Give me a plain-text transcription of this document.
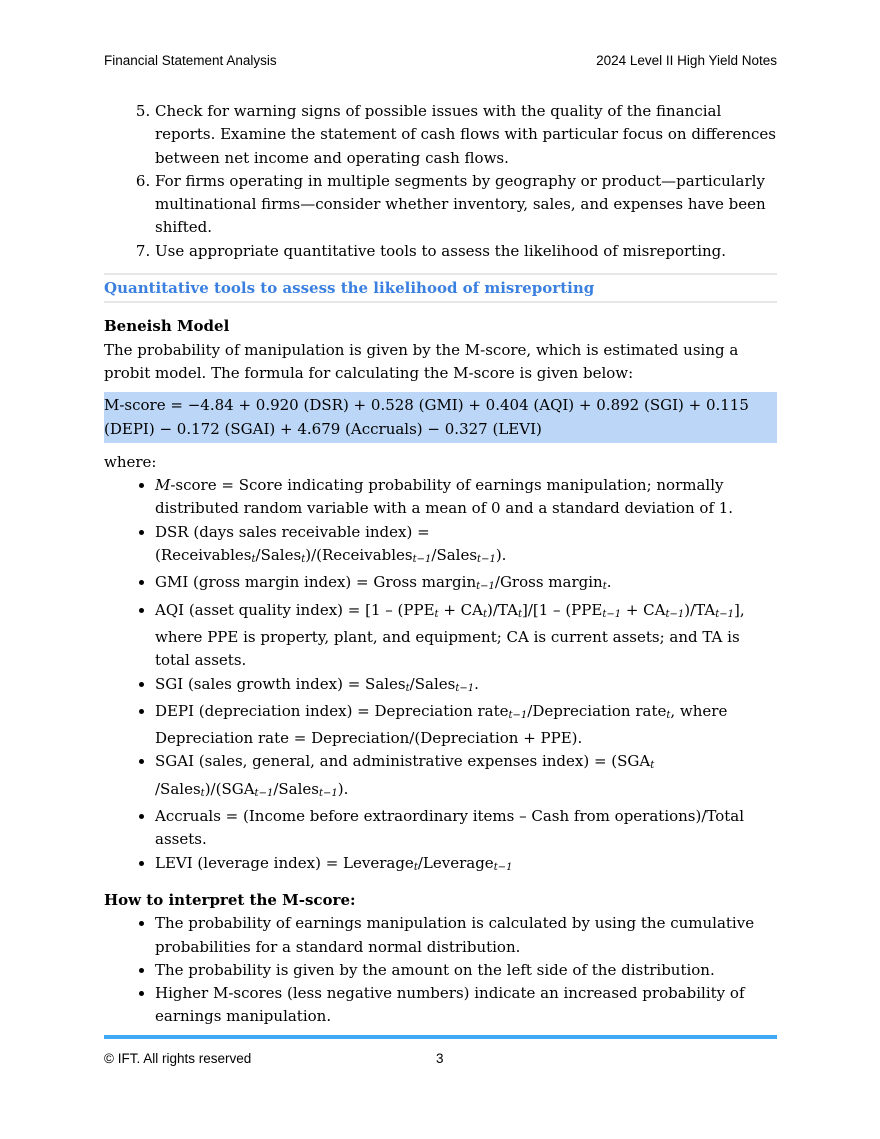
Financial Statement Analysis	2024 Level II High Yield Notes
5. Check for warning signs of possible issues with the quality of the financial reports. Examine the statement of cash flows with particular focus on differences between net income and operating cash flows.
6. For firms operating in multiple segments by geography or product—particularly multinational firms—consider whether inventory, sales, and expenses have been shifted.
7. Use appropriate quantitative tools to assess the likelihood of misreporting.
Quantitative tools to assess the likelihood of misreporting
Beneish Model
The probability of manipulation is given by the M-score, which is estimated using a probit model. The formula for calculating the M-score is given below:
M-score = −4.84 + 0.920 (DSR) + 0.528 (GMI) + 0.404 (AQI) + 0.892 (SGI) + 0.115 (DEPI) − 0.172 (SGAI) + 4.679 (Accruals) − 0.327 (LEVI)
where:
• M-score = Score indicating probability of earnings manipulation; normally distributed random variable with a mean of 0 and a standard deviation of 1.
• DSR (days sales receivable index) = (Receivables$_t$/Sales$_t$)/(Receivables$_{t-1}$/Sales$_{t-1}$).
• GMI (gross margin index) = Gross margin$_{t-1}$/Gross margin$_t$.
• AQI (asset quality index) = $[1 - (PPE_t + CA_t)/TA_t]/[1 - (PPE_{t-1} + CA_{t-1})/TA_{t-1}]$, where PPE is property, plant, and equipment; CA is current assets; and TA is total assets.
• SGI (sales growth index) = Sales$_t$/Sales$_{t-1}$.
• DEPI (depreciation index) = Depreciation rate$_{t-1}$/Depreciation rate$_t$, where Depreciation rate = Depreciation/(Depreciation + PPE).
• SGAI (sales, general, and administrative expenses index) = ($SGA_t$ $/Sales_t)/(SGA_{t-1}/Sales_{t-1})$.
• Accruals = (Income before extraordinary items – Cash from operations)/Total assets.
• LEVI (leverage index) = Leverage$_t$/Leverage$_{t-1}$
How to interpret the M-score:
• The probability of earnings manipulation is calculated by using the cumulative probabilities for a standard normal distribution.
• The probability is given by the amount on the left side of the distribution.
• Higher M-scores (less negative numbers) indicate an increased probability of earnings manipulation.
© IFT. All rights reserved	3
